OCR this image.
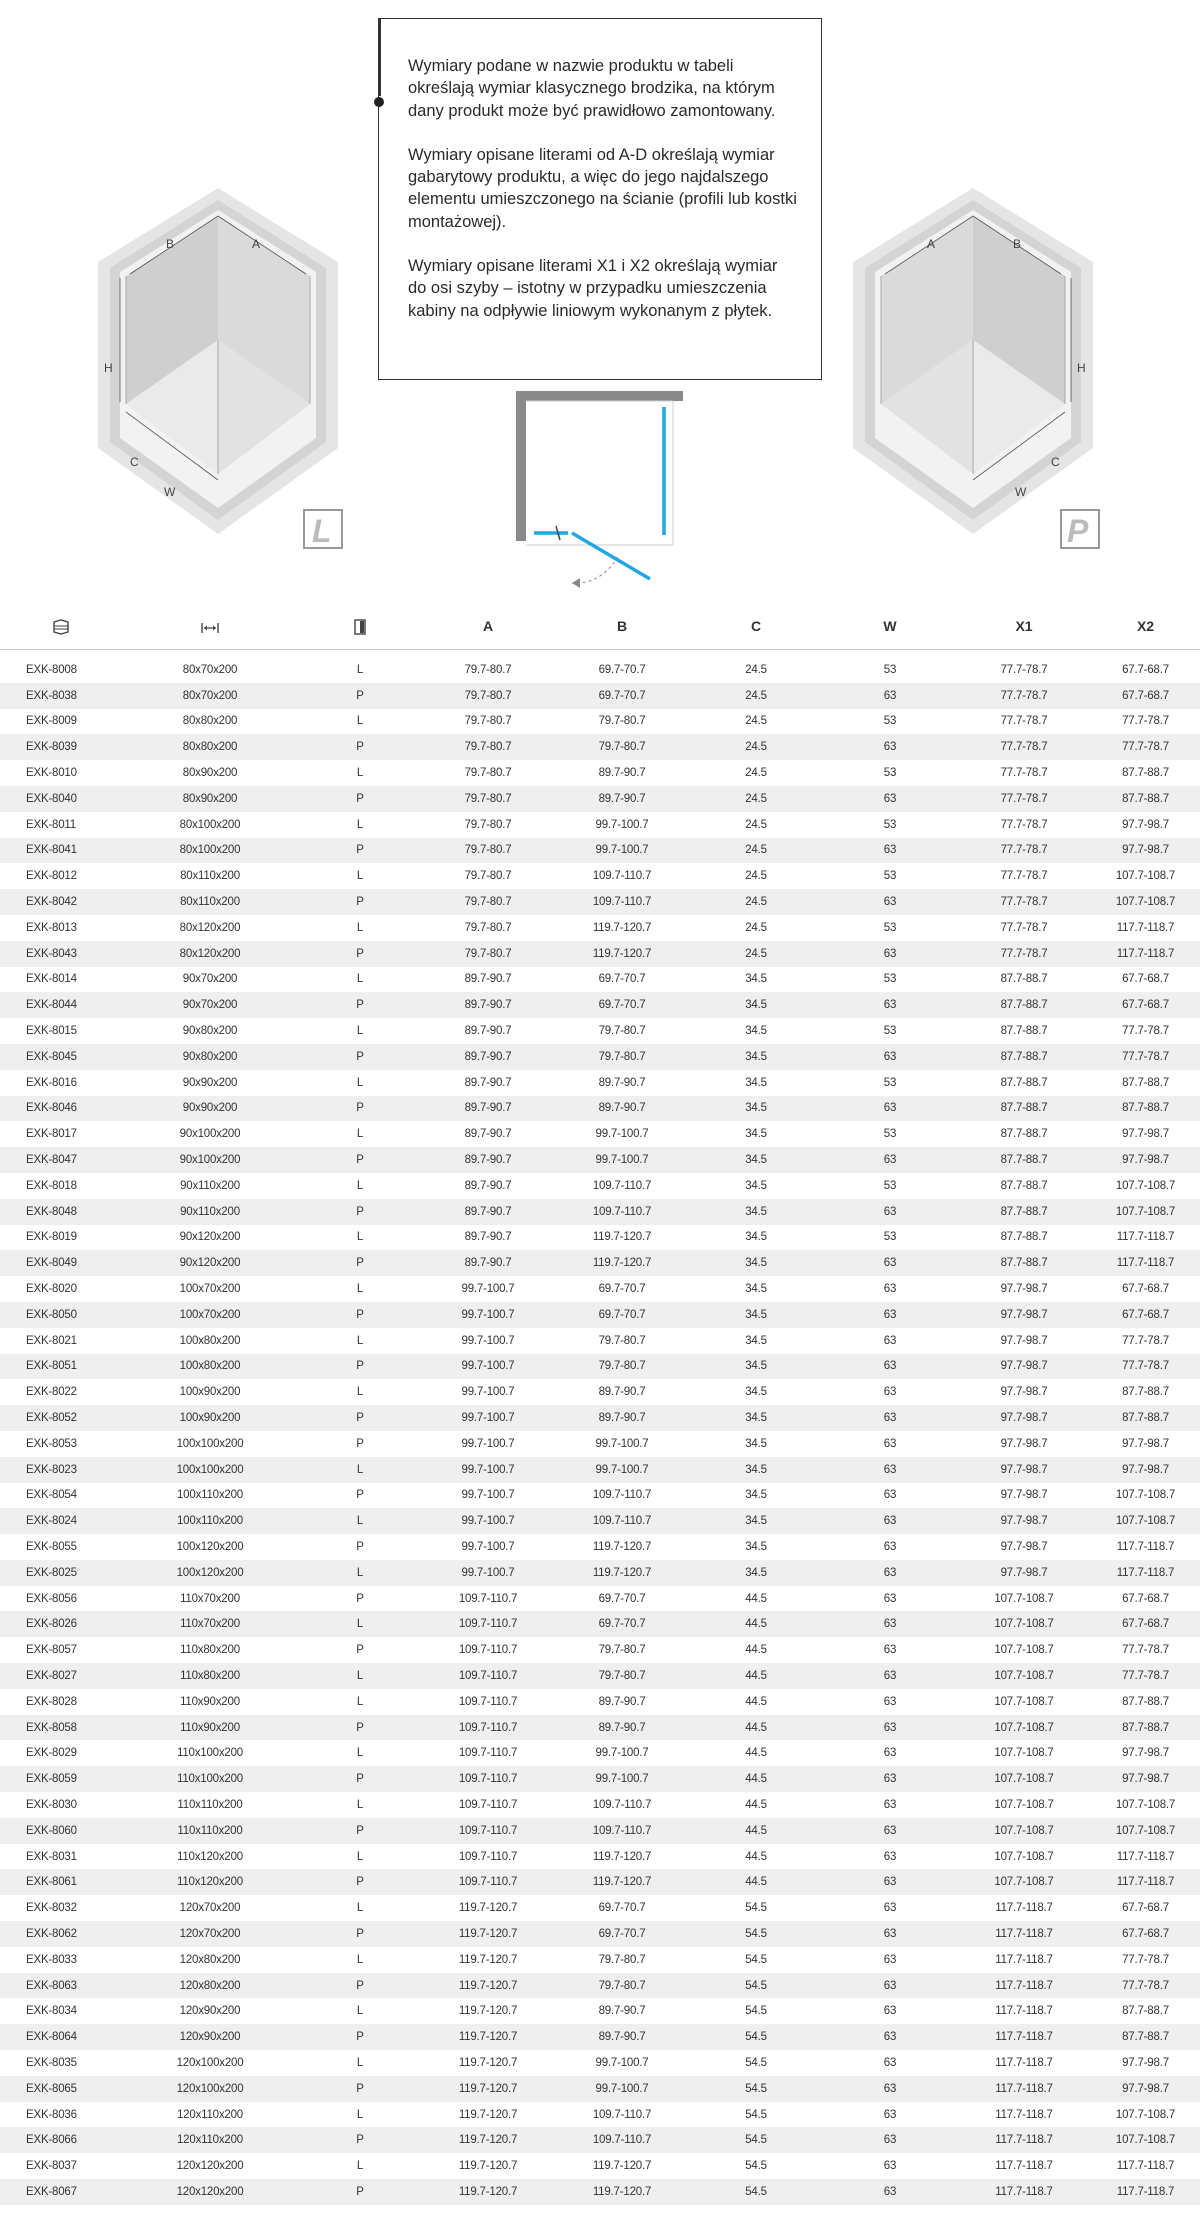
B	A
H
C
W
L

Wymiary podane w nazwie produktu w tabeli określają wymiar klasycznego brodzika, na którym dany produkt może być prawidłowo zamontowany.

Wymiary opisane literami od A-D określają wymiar gabarytowy produktu, a więc do jego najdalszego elementu umieszczonego na ścianie (profili lub kostki montażowej).

Wymiary opisane literami X1 i X2 określają wymiar do osi szyby – istotny w przypadku umieszczenia kabiny na odpływie liniowym wykonanym z płytek.

A	B
H
C
W
P
			A	B	C	W	X1	X2

EXK-8008	80x70x200	L	79.7-80.7	69.7-70.7	24.5	53	77.7-78.7	67.7-68.7
EXK-8038	80x70x200	P	79.7-80.7	69.7-70.7	24.5	63	77.7-78.7	67.7-68.7
EXK-8009	80x80x200	L	79.7-80.7	79.7-80.7	24.5	53	77.7-78.7	77.7-78.7
EXK-8039	80x80x200	P	79.7-80.7	79.7-80.7	24.5	63	77.7-78.7	77.7-78.7
EXK-8010	80x90x200	L	79.7-80.7	89.7-90.7	24.5	53	77.7-78.7	87.7-88.7
EXK-8040	80x90x200	P	79.7-80.7	89.7-90.7	24.5	63	77.7-78.7	87.7-88.7
EXK-8011	80x100x200	L	79.7-80.7	99.7-100.7	24.5	53	77.7-78.7	97.7-98.7
EXK-8041	80x100x200	P	79.7-80.7	99.7-100.7	24.5	63	77.7-78.7	97.7-98.7
EXK-8012	80x110x200	L	79.7-80.7	109.7-110.7	24.5	53	77.7-78.7	107.7-108.7
EXK-8042	80x110x200	P	79.7-80.7	109.7-110.7	24.5	63	77.7-78.7	107.7-108.7
EXK-8013	80x120x200	L	79.7-80.7	119.7-120.7	24.5	53	77.7-78.7	117.7-118.7
EXK-8043	80x120x200	P	79.7-80.7	119.7-120.7	24.5	63	77.7-78.7	117.7-118.7
EXK-8014	90x70x200	L	89.7-90.7	69.7-70.7	34.5	53	87.7-88.7	67.7-68.7
EXK-8044	90x70x200	P	89.7-90.7	69.7-70.7	34.5	63	87.7-88.7	67.7-68.7
EXK-8015	90x80x200	L	89.7-90.7	79.7-80.7	34.5	53	87.7-88.7	77.7-78.7
EXK-8045	90x80x200	P	89.7-90.7	79.7-80.7	34.5	63	87.7-88.7	77.7-78.7
EXK-8016	90x90x200	L	89.7-90.7	89.7-90.7	34.5	53	87.7-88.7	87.7-88.7
EXK-8046	90x90x200	P	89.7-90.7	89.7-90.7	34.5	63	87.7-88.7	87.7-88.7
EXK-8017	90x100x200	L	89.7-90.7	99.7-100.7	34.5	53	87.7-88.7	97.7-98.7
EXK-8047	90x100x200	P	89.7-90.7	99.7-100.7	34.5	63	87.7-88.7	97.7-98.7
EXK-8018	90x110x200	L	89.7-90.7	109.7-110.7	34.5	53	87.7-88.7	107.7-108.7
EXK-8048	90x110x200	P	89.7-90.7	109.7-110.7	34.5	63	87.7-88.7	107.7-108.7
EXK-8019	90x120x200	L	89.7-90.7	119.7-120.7	34.5	53	87.7-88.7	117.7-118.7
EXK-8049	90x120x200	P	89.7-90.7	119.7-120.7	34.5	63	87.7-88.7	117.7-118.7
EXK-8020	100x70x200	L	99.7-100.7	69.7-70.7	34.5	63	97.7-98.7	67.7-68.7
EXK-8050	100x70x200	P	99.7-100.7	69.7-70.7	34.5	63	97.7-98.7	67.7-68.7
EXK-8021	100x80x200	L	99.7-100.7	79.7-80.7	34.5	63	97.7-98.7	77.7-78.7
EXK-8051	100x80x200	P	99.7-100.7	79.7-80.7	34.5	63	97.7-98.7	77.7-78.7
EXK-8022	100x90x200	L	99.7-100.7	89.7-90.7	34.5	63	97.7-98.7	87.7-88.7
EXK-8052	100x90x200	P	99.7-100.7	89.7-90.7	34.5	63	97.7-98.7	87.7-88.7
EXK-8053	100x100x200	P	99.7-100.7	99.7-100.7	34.5	63	97.7-98.7	97.7-98.7
EXK-8023	100x100x200	L	99.7-100.7	99.7-100.7	34.5	63	97.7-98.7	97.7-98.7
EXK-8054	100x110x200	P	99.7-100.7	109.7-110.7	34.5	63	97.7-98.7	107.7-108.7
EXK-8024	100x110x200	L	99.7-100.7	109.7-110.7	34.5	63	97.7-98.7	107.7-108.7
EXK-8055	100x120x200	P	99.7-100.7	119.7-120.7	34.5	63	97.7-98.7	117.7-118.7
EXK-8025	100x120x200	L	99.7-100.7	119.7-120.7	34.5	63	97.7-98.7	117.7-118.7
EXK-8056	110x70x200	P	109.7-110.7	69.7-70.7	44.5	63	107.7-108.7	67.7-68.7
EXK-8026	110x70x200	L	109.7-110.7	69.7-70.7	44.5	63	107.7-108.7	67.7-68.7
EXK-8057	110x80x200	P	109.7-110.7	79.7-80.7	44.5	63	107.7-108.7	77.7-78.7
EXK-8027	110x80x200	L	109.7-110.7	79.7-80.7	44.5	63	107.7-108.7	77.7-78.7
EXK-8028	110x90x200	L	109.7-110.7	89.7-90.7	44.5	63	107.7-108.7	87.7-88.7
EXK-8058	110x90x200	P	109.7-110.7	89.7-90.7	44.5	63	107.7-108.7	87.7-88.7
EXK-8029	110x100x200	L	109.7-110.7	99.7-100.7	44.5	63	107.7-108.7	97.7-98.7
EXK-8059	110x100x200	P	109.7-110.7	99.7-100.7	44.5	63	107.7-108.7	97.7-98.7
EXK-8030	110x110x200	L	109.7-110.7	109.7-110.7	44.5	63	107.7-108.7	107.7-108.7
EXK-8060	110x110x200	P	109.7-110.7	109.7-110.7	44.5	63	107.7-108.7	107.7-108.7
EXK-8031	110x120x200	L	109.7-110.7	119.7-120.7	44.5	63	107.7-108.7	117.7-118.7
EXK-8061	110x120x200	P	109.7-110.7	119.7-120.7	44.5	63	107.7-108.7	117.7-118.7
EXK-8032	120x70x200	L	119.7-120.7	69.7-70.7	54.5	63	117.7-118.7	67.7-68.7
EXK-8062	120x70x200	P	119.7-120.7	69.7-70.7	54.5	63	117.7-118.7	67.7-68.7
EXK-8033	120x80x200	L	119.7-120.7	79.7-80.7	54.5	63	117.7-118.7	77.7-78.7
EXK-8063	120x80x200	P	119.7-120.7	79.7-80.7	54.5	63	117.7-118.7	77.7-78.7
EXK-8034	120x90x200	L	119.7-120.7	89.7-90.7	54.5	63	117.7-118.7	87.7-88.7
EXK-8064	120x90x200	P	119.7-120.7	89.7-90.7	54.5	63	117.7-118.7	87.7-88.7
EXK-8035	120x100x200	L	119.7-120.7	99.7-100.7	54.5	63	117.7-118.7	97.7-98.7
EXK-8065	120x100x200	P	119.7-120.7	99.7-100.7	54.5	63	117.7-118.7	97.7-98.7
EXK-8036	120x110x200	L	119.7-120.7	109.7-110.7	54.5	63	117.7-118.7	107.7-108.7
EXK-8066	120x110x200	P	119.7-120.7	109.7-110.7	54.5	63	117.7-118.7	107.7-108.7
EXK-8037	120x120x200	L	119.7-120.7	119.7-120.7	54.5	63	117.7-118.7	117.7-118.7
EXK-8067	120x120x200	P	119.7-120.7	119.7-120.7	54.5	63	117.7-118.7	117.7-118.7
